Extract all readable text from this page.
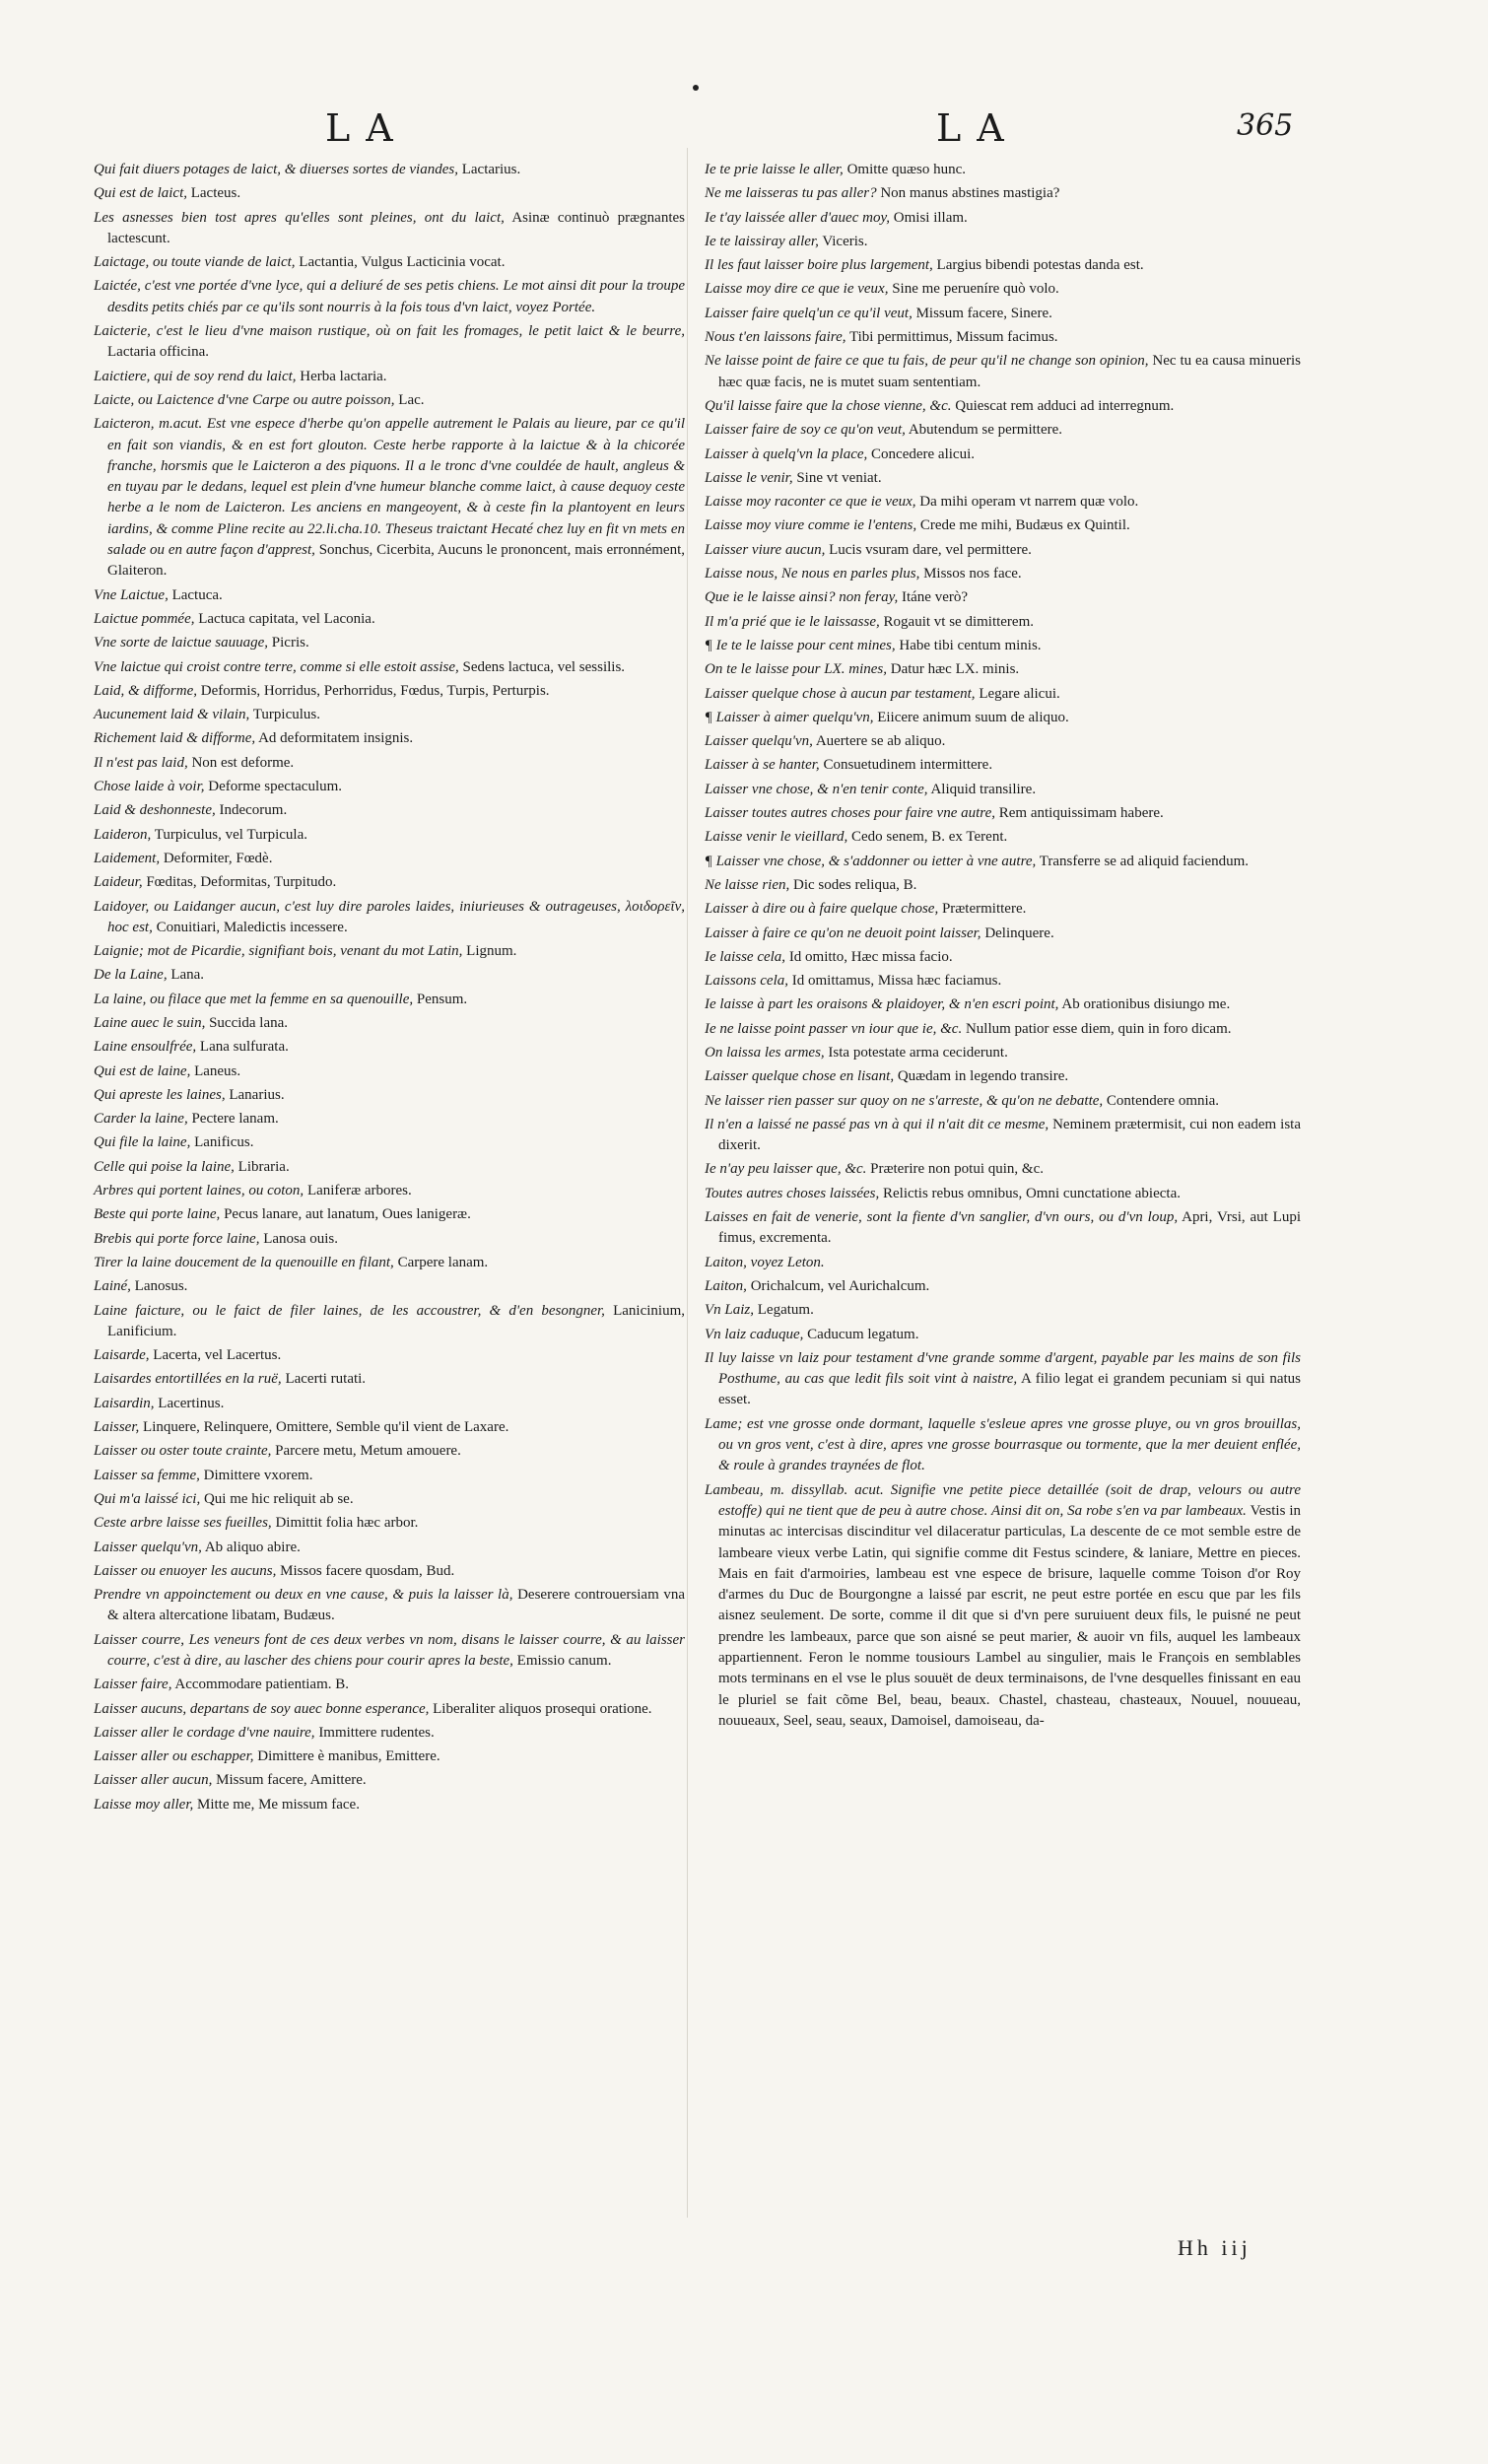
LA	LA	365

Qui fait diuers potages de laict, & diuerses sortes de viandes, Lactarius.

Qui est de laict, Lacteus.

Les asnesses bien tost apres qu'elles sont pleines, ont du laict, Asinæ continuò prægnantes lactescunt.

Laictage, ou toute viande de laict, Lactantia, Vulgus Lacticinia vocat.

Laictée, c'est vne portée d'vne lyce, qui a deliuré de ses petis chiens. Le mot ainsi dit pour la troupe desdits petits chiés par ce qu'ils sont nourris à la fois tous d'vn laict, voyez Portée.

Laicterie, c'est le lieu d'vne maison rustique, où on fait les fromages, le petit laict & le beurre, Lactaria officina.

Laictiere, qui de soy rend du laict, Herba lactaria.

Laicte, ou Laictence d'vne Carpe ou autre poisson, Lac.

Laicteron, m.acut. Est vne espece d'herbe qu'on appelle autrement le Palais au lieure, par ce qu'il en fait son viandis, & en est fort glouton. Ceste herbe rapporte à la laictue & à la chicorée franche, horsmis que le Laicteron a des piquons. Il a le tronc d'vne couldée de hault, angleus & en tuyau par le dedans, lequel est plein d'vne humeur blanche comme laict, à cause dequoy ceste herbe a le nom de Laicteron. Les anciens en mangeoyent, & à ceste fin la plantoyent en leurs iardins, & comme Pline recite au 22.li.cha.10. Theseus traictant Hecaté chez luy en fit vn mets en salade ou en autre façon d'apprest, Sonchus, Cicerbita, Aucuns le prononcent, mais erronnément, Glaiteron.

Vne Laictue, Lactuca.

Laictue pommée, Lactuca capitata, vel Laconia.

Vne sorte de laictue sauuage, Picris.

Vne laictue qui croist contre terre, comme si elle estoit assise, Sedens lactuca, vel sessilis.

Laid, & difforme, Deformis, Horridus, Perhorridus, Fœdus, Turpis, Perturpis.

Aucunement laid & vilain, Turpiculus.

Richement laid & difforme, Ad deformitatem insignis.

Il n'est pas laid, Non est deforme.

Chose laide à voir, Deforme spectaculum.

Laid & deshonneste, Indecorum.

Laideron, Turpiculus, vel Turpicula.

Laidement, Deformiter, Fœdè.

Laideur, Fœditas, Deformitas, Turpitudo.

Laidoyer, ou Laidanger aucun, c'est luy dire paroles laides, iniurieuses & outrageuses, λοιδορεῖν, hoc est, Conuitiari, Maledictis incessere.

Laignie; mot de Picardie, signifiant bois, venant du mot Latin, Lignum.

De la Laine, Lana.

La laine, ou filace que met la femme en sa quenouille, Pensum.

Laine auec le suin, Succida lana.

Laine ensoulfrée, Lana sulfurata.

Qui est de laine, Laneus.

Qui apreste les laines, Lanarius.

Carder la laine, Pectere lanam.

Qui file la laine, Lanificus.

Celle qui poise la laine, Libraria.

Arbres qui portent laines, ou coton, Laniferæ arbores.

Beste qui porte laine, Pecus lanare, aut lanatum, Oues lanigeræ.

Brebis qui porte force laine, Lanosa ouis.

Tirer la laine doucement de la quenouille en filant, Carpere lanam.

Lainé, Lanosus.

Laine faicture, ou le faict de filer laines, de les accoustrer, & d'en besongner, Lanicinium, Lanificium.

Laisarde, Lacerta, vel Lacertus.

Laisardes entortillées en la ruë, Lacerti rutati.

Laisardin, Lacertinus.

Laisser, Linquere, Relinquere, Omittere, Semble qu'il vient de Laxare.

Laisser ou oster toute crainte, Parcere metu, Metum amouere.

Laisser sa femme, Dimittere vxorem.

Qui m'a laissé ici, Qui me hic reliquit ab se.

Ceste arbre laisse ses fueilles, Dimittit folia hæc arbor.

Laisser quelqu'vn, Ab aliquo abire.

Laisser ou enuoyer les aucuns, Missos facere quosdam, Bud.

Prendre vn appoinctement ou deux en vne cause, & puis la laisser là, Deserere controuersiam vna & altera altercatione libatam, Budæus.

Laisser courre, Les veneurs font de ces deux verbes vn nom, disans le laisser courre, & au laisser courre, c'est à dire, au lascher des chiens pour courir apres la beste, Emissio canum.

Laisser faire, Accommodare patientiam. B.

Laisser aucuns, departans de soy auec bonne esperance, Liberaliter aliquos prosequi oratione.

Laisser aller le cordage d'vne nauire, Immittere rudentes.

Laisser aller ou eschapper, Dimittere è manibus, Emittere.

Laisser aller aucun, Missum facere, Amittere.

Laisse moy aller, Mitte me, Me missum face.

Ie te prie laisse le aller, Omitte quæso hunc.

Ne me laisseras tu pas aller? Non manus abstines mastigia?

Ie t'ay laissée aller d'auec moy, Omisi illam.

Ie te laissiray aller, Viceris.

Il les faut laisser boire plus largement, Largius bibendi potestas danda est.

Laisse moy dire ce que ie veux, Sine me perueníre quò volo.

Laisser faire quelq'un ce qu'il veut, Missum facere, Sinere.

Nous t'en laissons faire, Tibi permittimus, Missum facimus.

Ne laisse point de faire ce que tu fais, de peur qu'il ne change son opinion, Nec tu ea causa minueris hæc quæ facis, ne is mutet suam sententiam.

Qu'il laisse faire que la chose vienne, &c. Quiescat rem adduci ad interregnum.

Laisser faire de soy ce qu'on veut, Abutendum se permittere.

Laisser à quelq'vn la place, Concedere alicui.

Laisse le venir, Sine vt veniat.

Laisse moy raconter ce que ie veux, Da mihi operam vt narrem quæ volo.

Laisse moy viure comme ie l'entens, Crede me mihi, Budæus ex Quintil.

Laisser viure aucun, Lucis vsuram dare, vel permittere.

Laisse nous, Ne nous en parles plus, Missos nos face.

Que ie le laisse ainsi? non feray, Itáne verò?

Il m'a prié que ie le laissasse, Rogauit vt se dimitterem.

¶ Ie te le laisse pour cent mines, Habe tibi centum minis.

On te le laisse pour LX. mines, Datur hæc LX. minis.

Laisser quelque chose à aucun par testament, Legare alicui.

¶ Laisser à aimer quelqu'vn, Eiicere animum suum de aliquo.

Laisser quelqu'vn, Auertere se ab aliquo.

Laisser à se hanter, Consuetudinem intermittere.

Laisser vne chose, & n'en tenir conte, Aliquid transilire.

Laisser toutes autres choses pour faire vne autre, Rem antiquissimam habere.

Laisse venir le vieillard, Cedo senem, B. ex Terent.

¶ Laisser vne chose, & s'addonner ou ietter à vne autre, Transferre se ad aliquid faciendum.

Ne laisse rien, Dic sodes reliqua, B.

Laisser à dire ou à faire quelque chose, Prætermittere.

Laisser à faire ce qu'on ne deuoit point laisser, Delinquere.

Ie laisse cela, Id omitto, Hæc missa facio.

Laissons cela, Id omittamus, Missa hæc faciamus.

Ie laisse à part les oraisons & plaidoyer, & n'en escri point, Ab orationibus disiungo me.

Ie ne laisse point passer vn iour que ie, &c. Nullum patior esse diem, quin in foro dicam.

On laissa les armes, Ista potestate arma ceciderunt.

Laisser quelque chose en lisant, Quædam in legendo transire.

Ne laisser rien passer sur quoy on ne s'arreste, & qu'on ne debatte, Contendere omnia.

Il n'en a laissé ne passé pas vn à qui il n'ait dit ce mesme, Neminem prætermisit, cui non eadem ista dixerit.

Ie n'ay peu laisser que, &c. Præterire non potui quin, &c.

Toutes autres choses laissées, Relictis rebus omnibus, Omni cunctatione abiecta.

Laisses en fait de venerie, sont la fiente d'vn sanglier, d'vn ours, ou d'vn loup, Apri, Vrsi, aut Lupi fimus, excrementa.

Laiton, voyez Leton.

Laiton, Orichalcum, vel Aurichalcum.

Vn Laiz, Legatum.

Vn laiz caduque, Caducum legatum.

Il luy laisse vn laiz pour testament d'vne grande somme d'argent, payable par les mains de son fils Posthume, au cas que ledit fils soit vint à naistre, A filio legat ei grandem pecuniam si qui natus esset.

Lame; est vne grosse onde dormant, laquelle s'esleue apres vne grosse pluye, ou vn gros brouillas, ou vn gros vent, c'est à dire, apres vne grosse bourrasque ou tormente, que la mer deuient enflée, & roule à grandes traynées de flot.

Lambeau, m. dissyllab. acut. Signifie vne petite piece detaillée (soit de drap, velours ou autre estoffe) qui ne tient que de peu à autre chose. Ainsi dit on, Sa robe s'en va par lambeaux. Vestis in minutas ac intercisas discinditur vel dilaceratur particulas, La descente de ce mot semble estre de lambeare vieux verbe Latin, qui signifie comme dit Festus scindere, & laniare, Mettre en pieces. Mais en fait d'armoiries, lambeau est vne espece de brisure, laquelle comme Toison d'or Roy d'armes du Duc de Bourgongne a laissé par escrit, ne peut estre portée en escu que par les fils aisnez seulement. De sorte, comme il dit que si d'vn pere suruiuent deux fils, le puisné ne peut prendre les lambeaux, parce que son aisné se peut marier, & auoir vn fils, auquel les lambeaux appartiennent. Feron le nomme tousiours Lambel au singulier, mais le François en semblables mots terminans en el vse le plus souuët de deux terminaisons, de l'vne desquelles finissant en eau le pluriel se fait cõme Bel, beau, beaux. Chastel, chasteau, chasteaux, Nouuel, nouueau, nouueaux, Seel, seau, seaux, Damoisel, damoiseau, da-

Hh iij
